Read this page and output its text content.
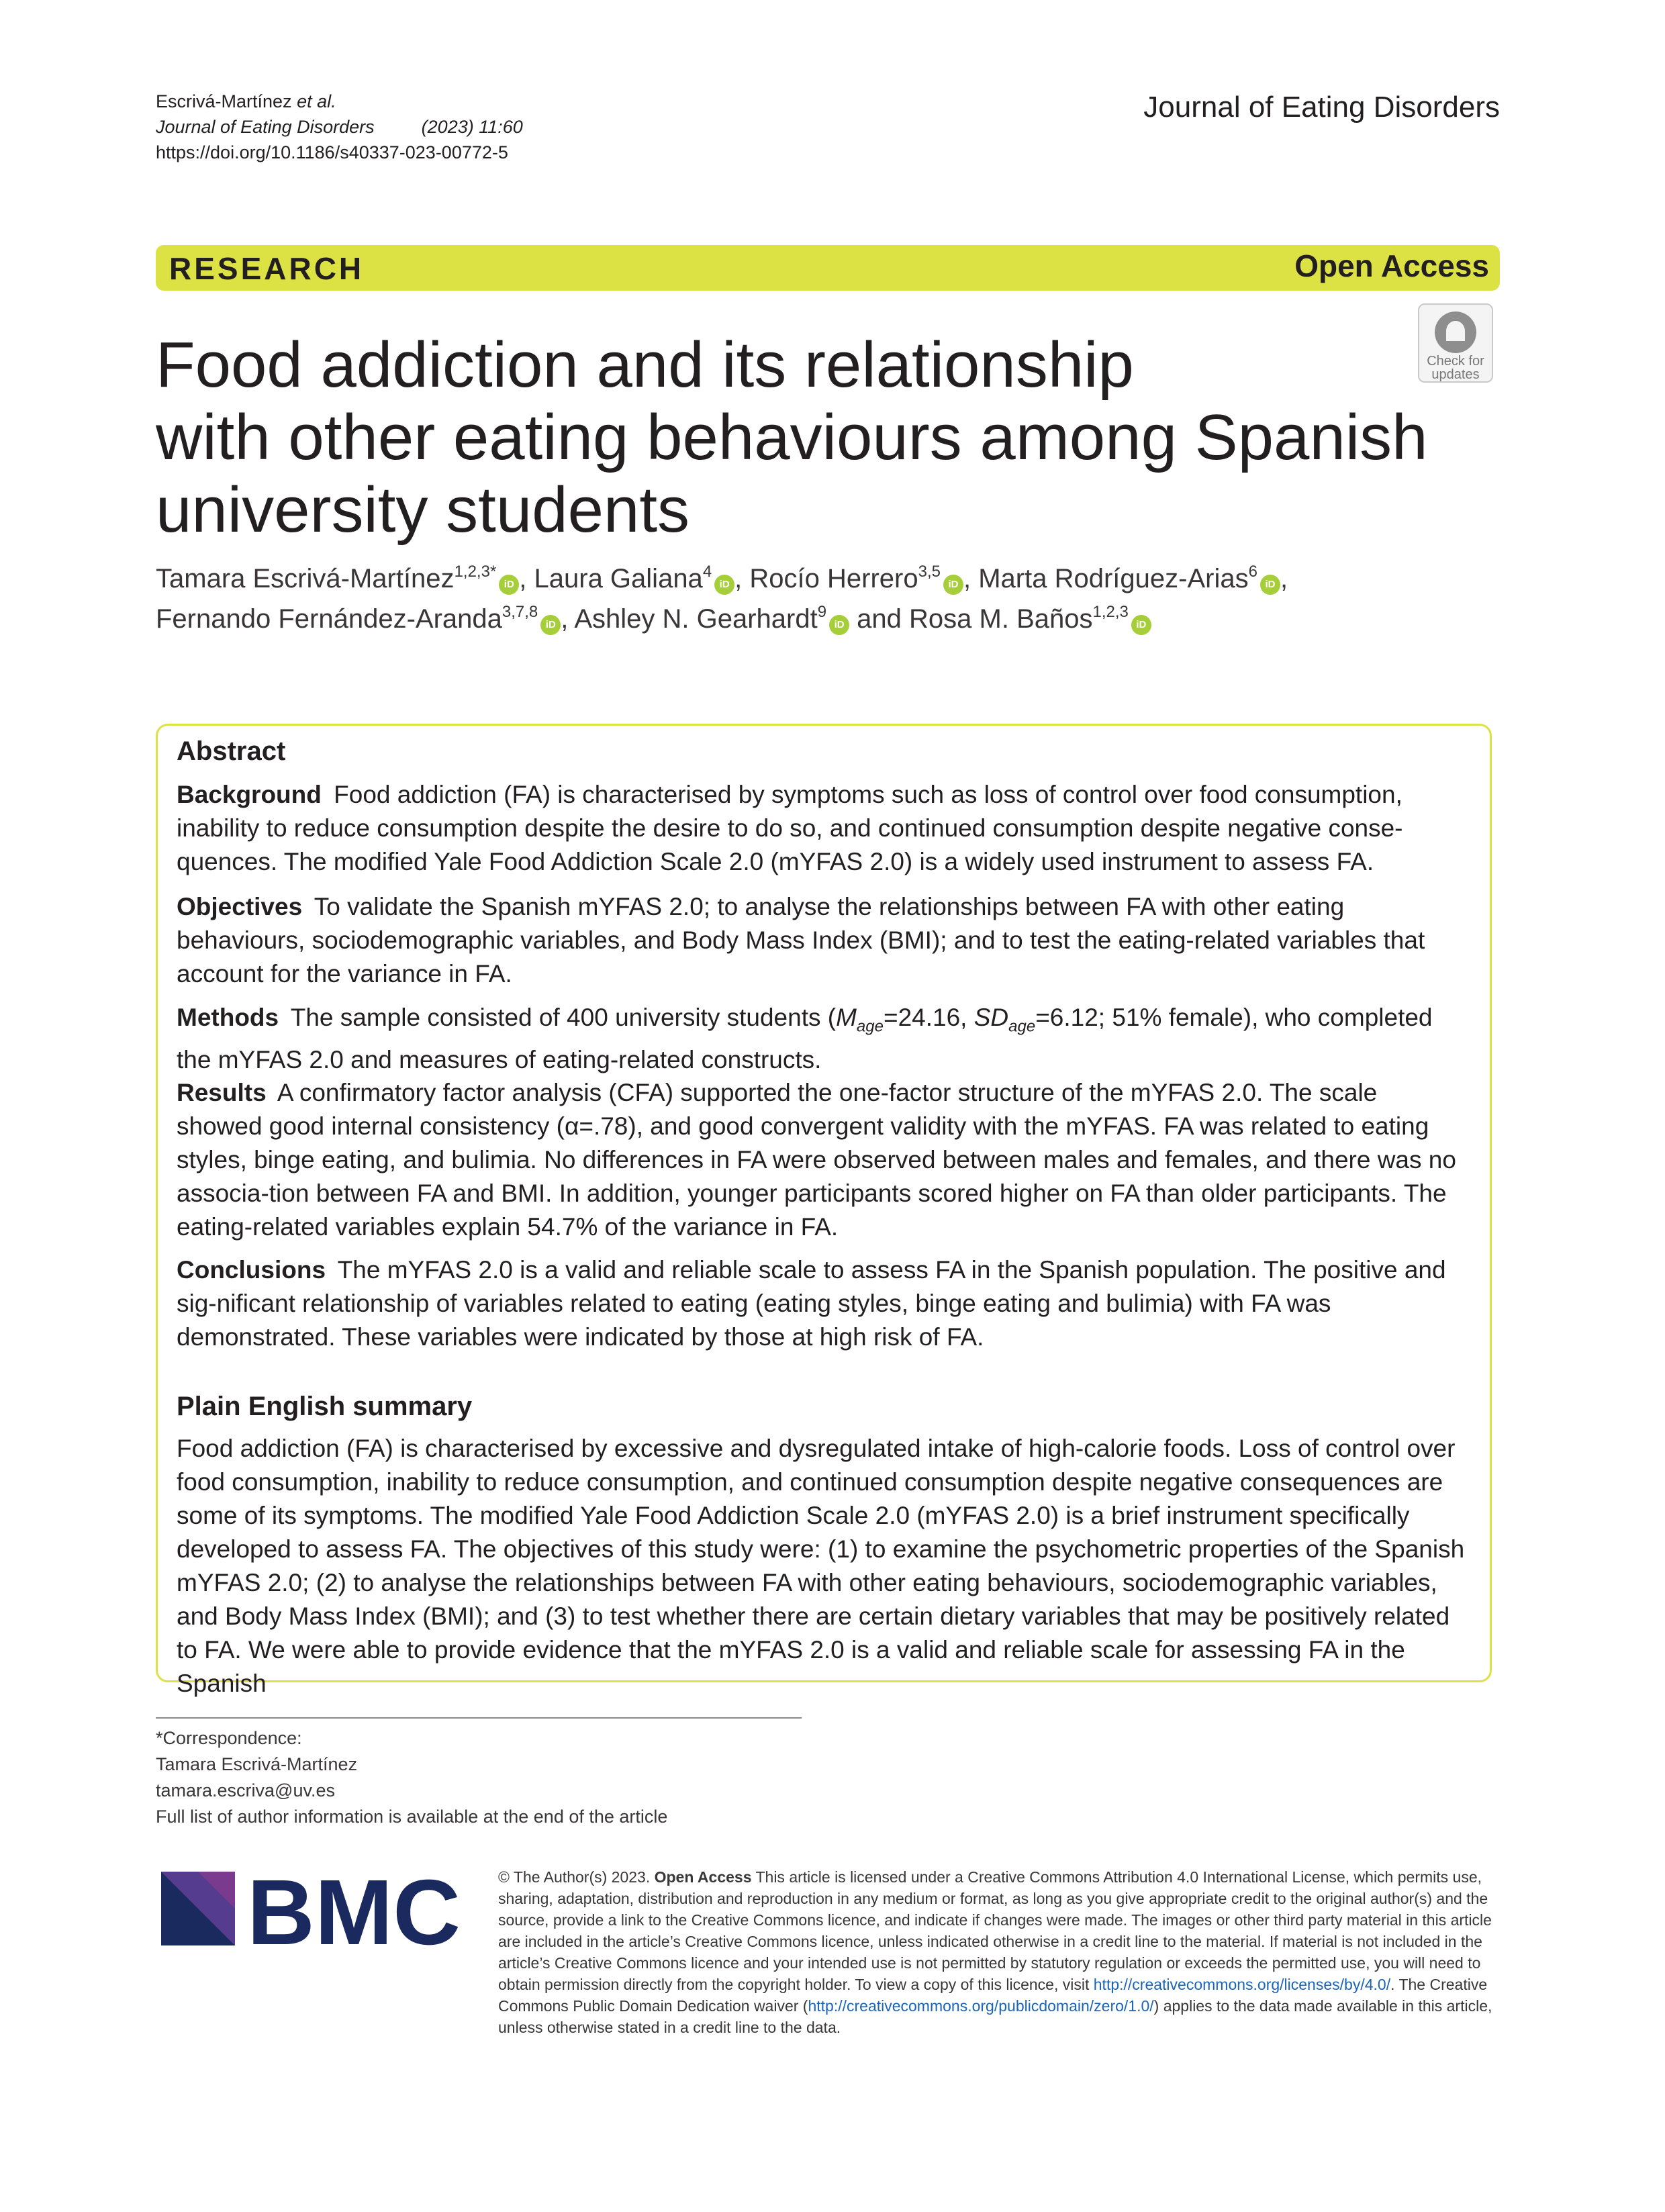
Escrivá-Martínez et al.
Journal of Eating Disorders	(2023) 11:60
https://doi.org/10.1186/s40337-023-00772-5
Journal of Eating Disorders
RESEARCH	Open Access
Check for
updates
Food addiction and its relationship
with other eating behaviours among Spanish
university students
Tamara Escrivá-Martínez$^{1,2,3*}$iD , Laura Galiana$^4$iD , Rocío Herrero$^{3,5}$iD , Marta Rodríguez-Arias$^6$iD ,
Fernando Fernández-Aranda$^{3,7,8}$iD , Ashley N. Gearhardt$^9$iD and Rosa M. Baños$^{1,2,3}$iD
Abstract
Background Food addiction (FA) is characterised by symptoms such as loss of control over food consumption, inability to reduce consumption despite the desire to do so, and continued consumption despite negative conse-quences. The modified Yale Food Addiction Scale 2.0 (mYFAS 2.0) is a widely used instrument to assess FA.
Objectives To validate the Spanish mYFAS 2.0; to analyse the relationships between FA with other eating behaviours, sociodemographic variables, and Body Mass Index (BMI); and to test the eating-related variables that account for the variance in FA.
Methods The sample consisted of 400 university students ($M_{age}=24.16$, $SD_{age}=6.12$; 51% female), who completed the mYFAS 2.0 and measures of eating-related constructs.
Results A confirmatory factor analysis (CFA) supported the one-factor structure of the mYFAS 2.0. The scale showed good internal consistency (α=.78), and good convergent validity with the mYFAS. FA was related to eating styles, binge eating, and bulimia. No differences in FA were observed between males and females, and there was no associa-tion between FA and BMI. In addition, younger participants scored higher on FA than older participants. The eating-related variables explain 54.7% of the variance in FA.
Conclusions The mYFAS 2.0 is a valid and reliable scale to assess FA in the Spanish population. The positive and sig-nificant relationship of variables related to eating (eating styles, binge eating and bulimia) with FA was demonstrated. These variables were indicated by those at high risk of FA.
Plain English summary
Food addiction (FA) is characterised by excessive and dysregulated intake of high-calorie foods. Loss of control over food consumption, inability to reduce consumption, and continued consumption despite negative consequences are some of its symptoms. The modified Yale Food Addiction Scale 2.0 (mYFAS 2.0) is a brief instrument specifically developed to assess FA. The objectives of this study were: (1) to examine the psychometric properties of the Spanish mYFAS 2.0; (2) to analyse the relationships between FA with other eating behaviours, sociodemographic variables, and Body Mass Index (BMI); and (3) to test whether there are certain dietary variables that may be positively related to FA. We were able to provide evidence that the mYFAS 2.0 is a valid and reliable scale for assessing FA in the Spanish
*Correspondence:
Tamara Escrivá-Martínez
tamara.escriva@uv.es
Full list of author information is available at the end of the article
BMC © The Author(s) 2023. Open Access This article is licensed under a Creative Commons Attribution 4.0 International License, which permits use, sharing, adaptation, distribution and reproduction in any medium or format, as long as you give appropriate credit to the original author(s) and the source, provide a link to the Creative Commons licence, and indicate if changes were made. The images or other third party material in this article are included in the article’s Creative Commons licence, unless indicated otherwise in a credit line to the material. If material is not included in the article’s Creative Commons licence and your intended use is not permitted by statutory regulation or exceeds the permitted use, you will need to obtain permission directly from the copyright holder. To view a copy of this licence, visit http://creativecommons.org/licenses/by/4.0/. The Creative Commons Public Domain Dedication waiver (http://creativecommons.org/publicdomain/zero/1.0/) applies to the data made available in this article, unless otherwise stated in a credit line to the data.
